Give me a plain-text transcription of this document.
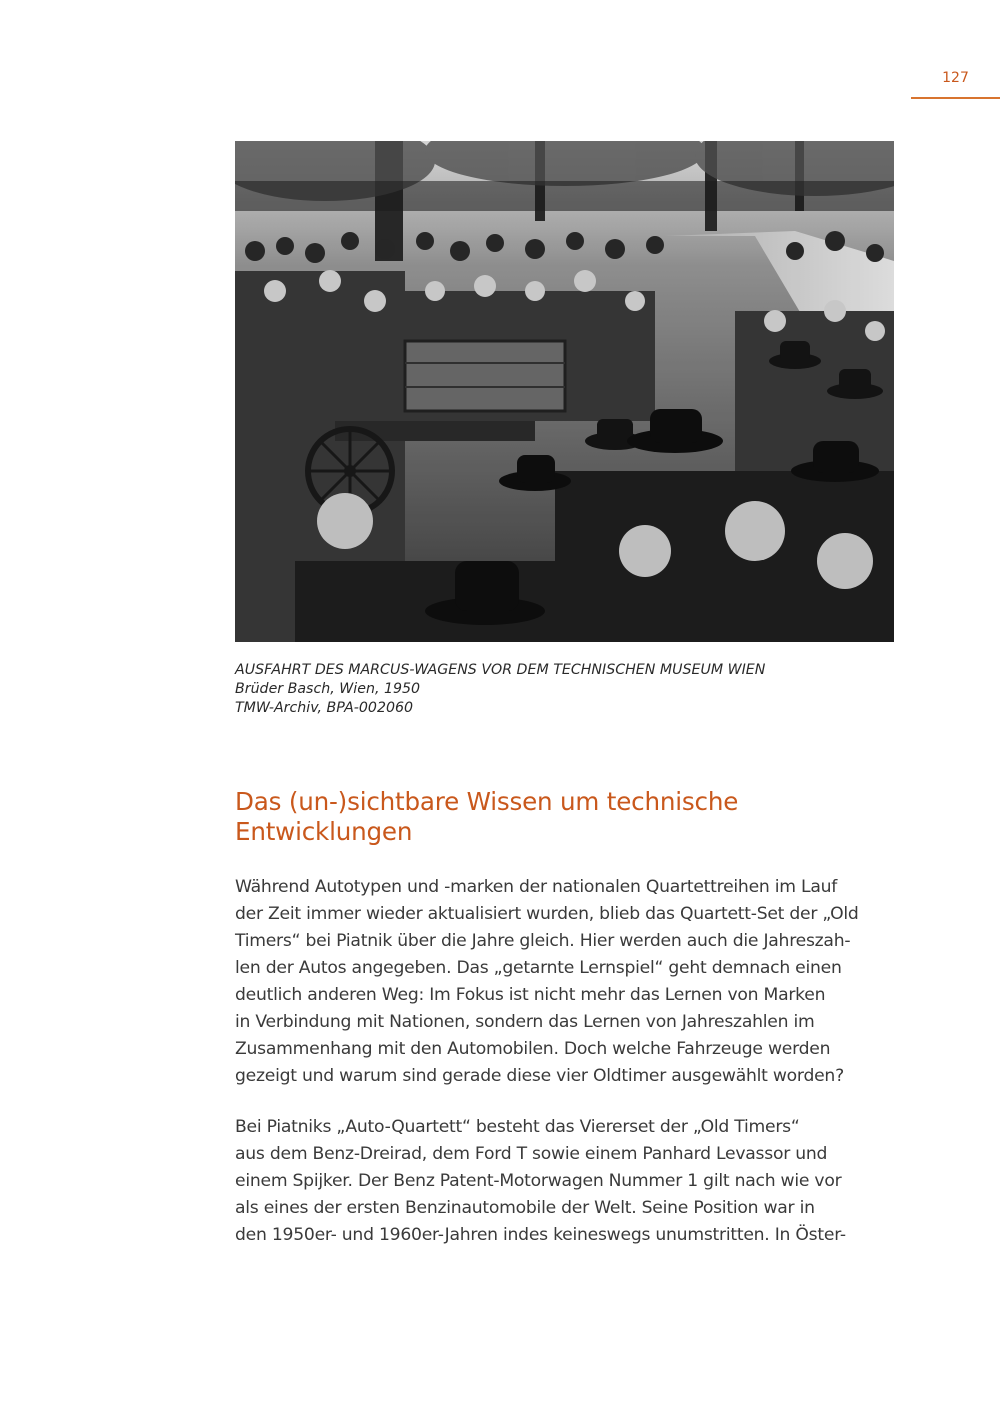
127
AUSFAHRT DES MARCUS-WAGENS VOR DEM TECHNISCHEN MUSEUM WIEN
Brüder Basch, Wien, 1950
TMW-Archiv, BPA-002060
Das (un-)sichtbare Wissen um technische
Entwicklungen
Während Autotypen und -marken der nationalen Quartettreihen im Lauf
der Zeit immer wieder aktualisiert wurden, blieb das Quartett-Set der „Old
Timers“ bei Piatnik über die Jahre gleich. Hier werden auch die Jahreszah-
len der Autos angegeben. Das „getarnte Lernspiel“ geht demnach einen
deutlich anderen Weg: Im Fokus ist nicht mehr das Lernen von Marken
in Verbindung mit Nationen, sondern das Lernen von Jahreszahlen im
Zusammenhang mit den Automobilen. Doch welche Fahrzeuge werden
gezeigt und warum sind gerade diese vier Oldtimer ausgewählt worden?
Bei Piatniks „Auto-Quartett“ besteht das Viererset der „Old Timers“
aus dem Benz-Dreirad, dem Ford T sowie einem Panhard Levassor und
einem Spijker. Der Benz Patent-Motorwagen Nummer 1 gilt nach wie vor
als eines der ersten Benzinautomobile der Welt. Seine Position war in
den 1950er- und 1960er-Jahren indes keineswegs unumstritten. In Öster-
